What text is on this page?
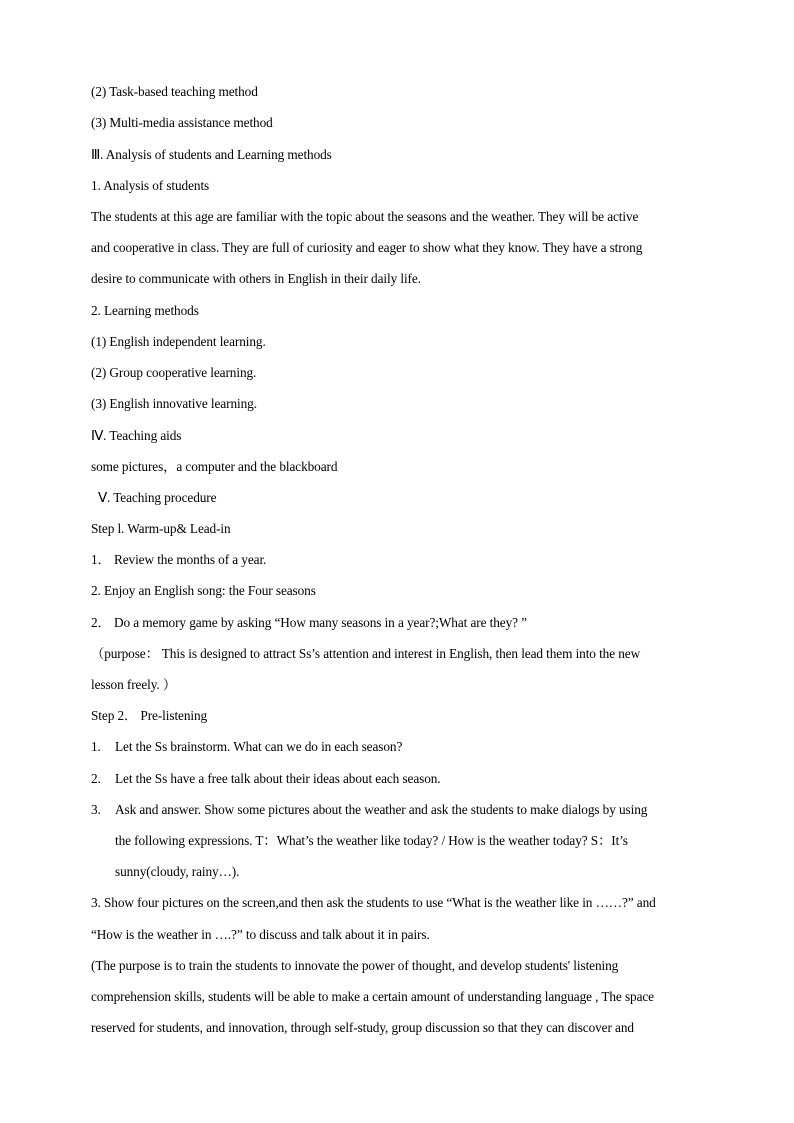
(2) Task-based teaching method
(3) Multi-media assistance method
Ⅲ. Analysis of students and Learning methods
1. Analysis of students
The students at this age are familiar with the topic about the seasons and the weather. They will be active
and cooperative in class. They are full of curiosity and eager to show what they know. They have a strong
desire to communicate with others in English in their daily life.
2. Learning methods
(1) English independent learning.
(2) Group cooperative learning.
(3) English innovative learning.
Ⅳ. Teaching aids
some pictures，a computer and the blackboard
Ⅴ. Teaching procedure
Step l. Warm-up& Lead-in
1． Review the months of a year.
2. Enjoy an English song: the Four seasons
2． Do a memory game by asking “How many seasons in a year?;What are they? ”
（purpose： This is designed to attract Ss’s attention and interest in English, then lead them into the new
lesson freely. ）
Step 2． Pre-listening
1. Let the Ss brainstorm. What can we do in each season?
2. Let the Ss have a free talk about their ideas about each season.
3. Ask and answer. Show some pictures about the weather and ask the students to make dialogs by using
the following expressions. T：What’s the weather like today? / How is the weather today? S：It’s
sunny(cloudy, rainy…).
3. Show four pictures on the screen,and then ask the students to use “What is the weather like in ……?” and
“How is the weather in ….?” to discuss and talk about it in pairs.
(The purpose is to train the students to innovate the power of thought, and develop students' listening
comprehension skills, students will be able to make a certain amount of understanding language , The space
reserved for students, and innovation, through self-study, group discussion so that they can discover and
